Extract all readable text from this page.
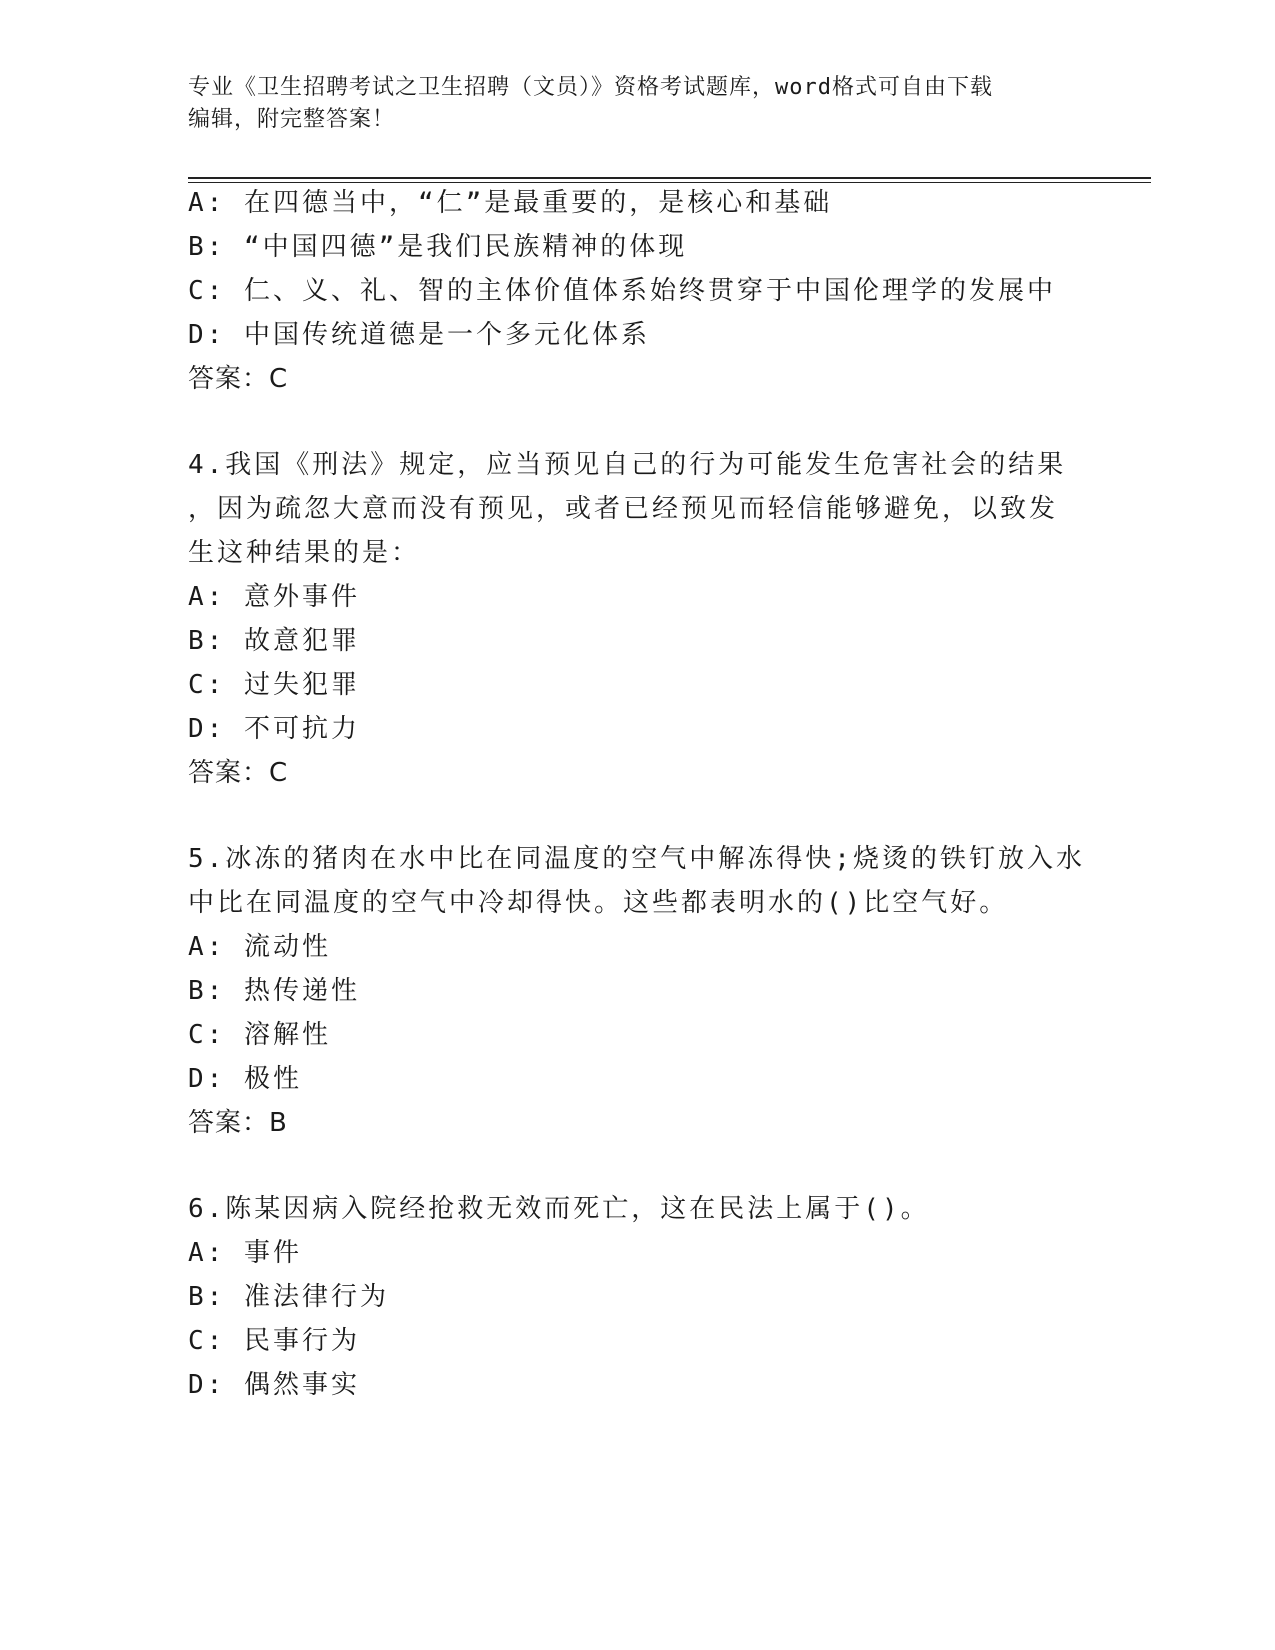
专业《卫生招聘考试之卫生招聘（文员）》资格考试题库，word格式可自由下载
编辑，附完整答案！
A: 在四德当中，“仁”是最重要的，是核心和基础
B: “中国四德”是我们民族精神的体现
C: 仁、义、礼、智的主体价值体系始终贯穿于中国伦理学的发展中
D: 中国传统道德是一个多元化体系
答案：C
4.我国《刑法》规定，应当预见自己的行为可能发生危害社会的结果
，因为疏忽大意而没有预见，或者已经预见而轻信能够避免，以致发
生这种结果的是：
A: 意外事件
B: 故意犯罪
C: 过失犯罪
D: 不可抗力
答案：C
5.冰冻的猪肉在水中比在同温度的空气中解冻得快;烧烫的铁钉放入水
中比在同温度的空气中冷却得快。这些都表明水的()比空气好。
A: 流动性
B: 热传递性
C: 溶解性
D: 极性
答案：B
6.陈某因病入院经抢救无效而死亡，这在民法上属于()。
A: 事件
B: 准法律行为
C: 民事行为
D: 偶然事实
